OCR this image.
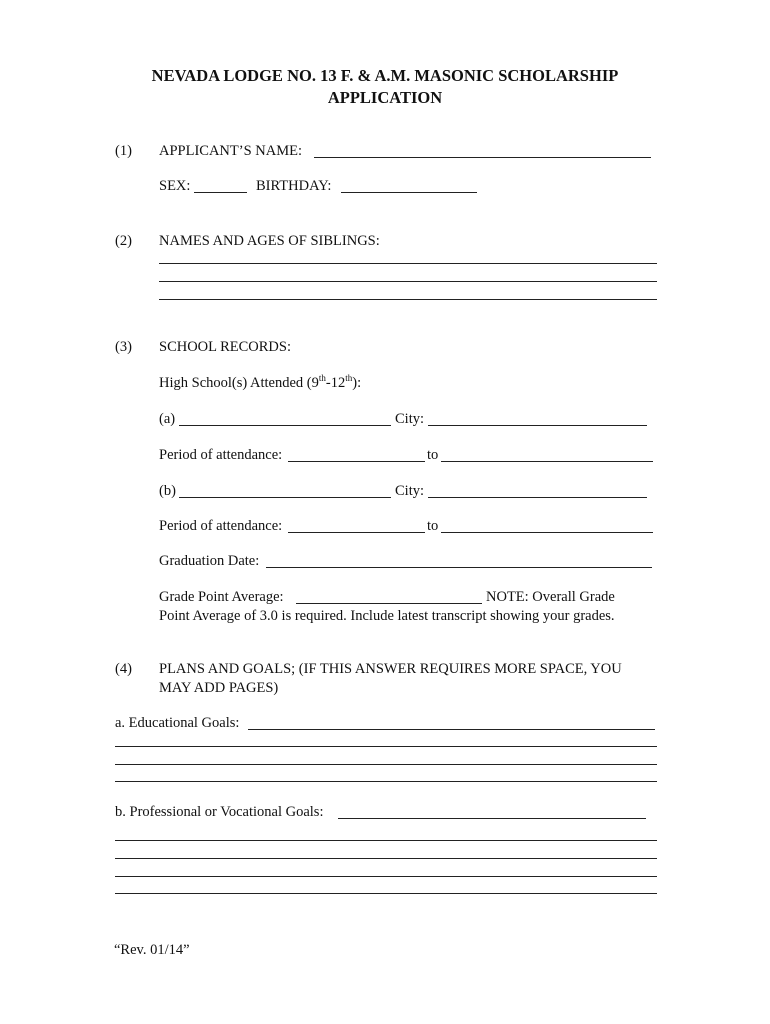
NEVADA LODGE NO. 13 F. & A.M. MASONIC SCHOLARSHIP
APPLICATION
(1) APPLICANT’S NAME:
SEX:	BIRTHDAY:
(2) NAMES AND AGES OF SIBLINGS:
(3) SCHOOL RECORDS:
High School(s) Attended (9th-12th):
(a)	City:
Period of attendance:	to
(b)	City:
Period of attendance:	to
Graduation Date:
Grade Point Average:	NOTE: Overall Grade
Point Average of 3.0 is required. Include latest transcript showing your grades.
(4) PLANS AND GOALS; (IF THIS ANSWER REQUIRES MORE SPACE, YOU
MAY ADD PAGES)
a. Educational Goals:
b. Professional or Vocational Goals:
“Rev. 01/14”
